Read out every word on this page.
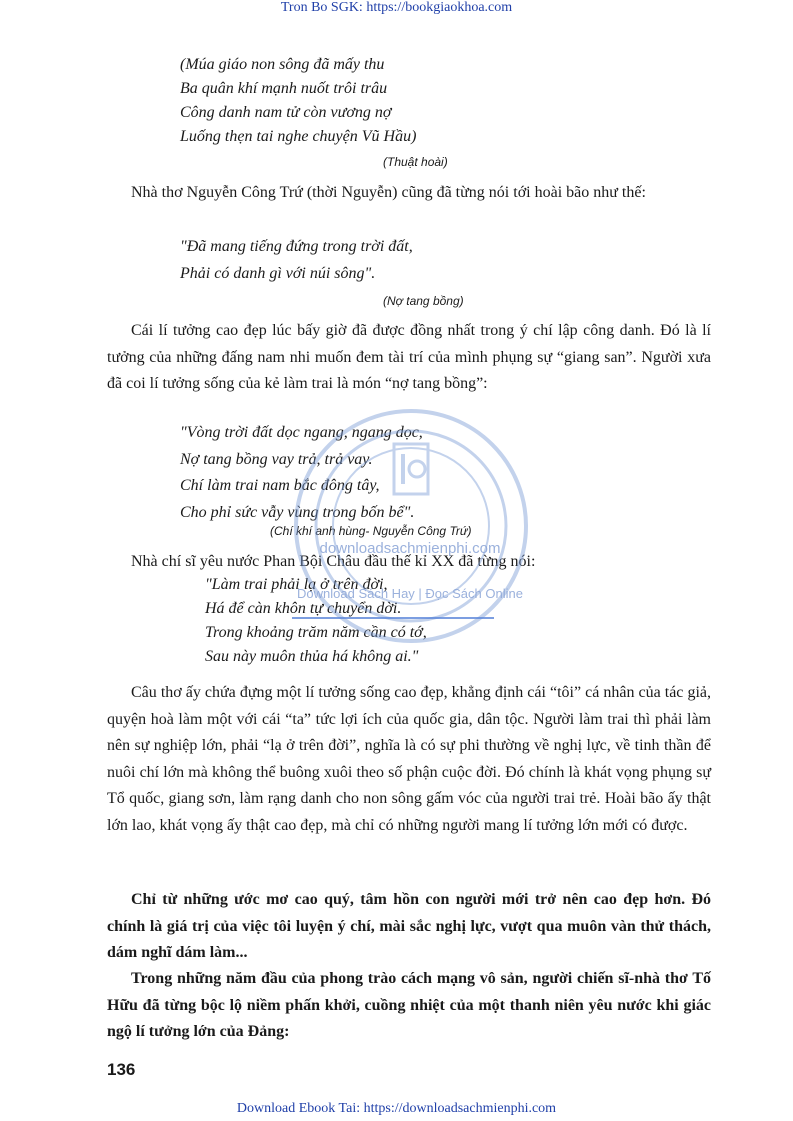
Tron Bo SGK: https://bookgiaokhoa.com
(Múa giáo non sông đã mấy thu
Ba quân khí mạnh nuốt trôi trâu
Công danh nam tử còn vương nợ
Luống thẹn tai nghe chuyện Vũ Hầu)
(Thuật hoài)
Nhà thơ Nguyễn Công Trứ (thời Nguyễn) cũng đã từng nói tới hoài bão như thế:
"Đã mang tiếng đứng trong trời đất,
Phải có danh gì với núi sông".
(Nợ tang bồng)
Cái lí tưởng cao đẹp lúc bấy giờ đã được đồng nhất trong ý chí lập công danh. Đó là lí tưởng của những đấng nam nhi muốn đem tài trí của mình phụng sự “giang san”. Người xưa đã coi lí tưởng sống của kẻ làm trai là món “nợ tang bồng”:
"Vòng trời đất dọc ngang, ngang dọc,
Nợ tang bồng vay trả, trả vay.
Chí làm trai nam bắc đông tây,
Cho phỉ sức vẫy vùng trong bốn bể".
(Chí khí anh hùng- Nguyễn Công Trứ)
Nhà chí sĩ yêu nước Phan Bội Châu đầu thế kỉ XX đã từng nói:
"Làm trai phải lạ ở trên đời,
Há để càn khôn tự chuyển dời.
Trong khoảng trăm năm cần có tớ,
Sau này muôn thủa há không ai."
Câu thơ ấy chứa đựng một lí tưởng sống cao đẹp, khẳng định cái “tôi” cá nhân của tác giả, quyện hoà làm một với cái “ta” tức lợi ích của quốc gia, dân tộc. Người làm trai thì phải làm nên sự nghiệp lớn, phải “lạ ở trên đời”, nghĩa là có sự phi thường về nghị lực, về tinh thần để nuôi chí lớn mà không thể buông xuôi theo số phận cuộc đời. Đó chính là khát vọng phụng sự Tổ quốc, giang sơn, làm rạng danh cho non sông gấm vóc của người trai trẻ. Hoài bão ấy thật lớn lao, khát vọng ấy thật cao đẹp, mà chỉ có những người mang lí tưởng lớn mới có được.
Chỉ từ những ước mơ cao quý, tâm hồn con người mới trở nên cao đẹp hơn. Đó chính là giá trị của việc tôi luyện ý chí, mài sắc nghị lực, vượt qua muôn vàn thử thách, dám nghĩ dám làm...
Trong những năm đầu của phong trào cách mạng vô sản, người chiến sĩ-nhà thơ Tố Hữu đã từng bộc lộ niềm phấn khởi, cuồng nhiệt của một thanh niên yêu nước khi giác ngộ lí tưởng lớn của Đảng:
136
downloadsachmienphi.com
Download Sách Hay | Đọc Sách Online
Download Ebook Tai: https://downloadsachmienphi.com
